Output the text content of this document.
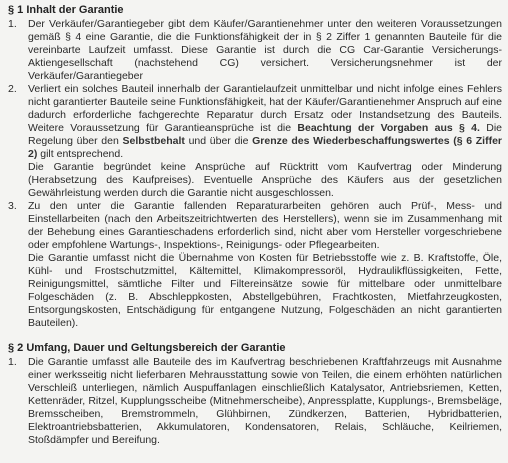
§ 1 Inhalt der Garantie
1.	Der Verkäufer/Garantiegeber gibt dem Käufer/Garantienehmer unter den weiteren Voraussetzungen gemäß § 4 eine Garantie, die die Funktionsfähigkeit der in § 2 Ziffer 1 genannten Bauteile für die vereinbarte Laufzeit umfasst. Diese Garantie ist durch die CG Car-Garantie Versicherungs-Aktiengesellschaft (nachstehend CG) versichert. Versicherungsnehmer ist der Verkäufer/Garantiegeber
2.	Verliert ein solches Bauteil innerhalb der Garantielaufzeit unmittelbar und nicht infolge eines Fehlers nicht garantierter Bauteile seine Funktionsfähigkeit, hat der Käufer/Garantienehmer Anspruch auf eine dadurch erforderliche fachgerechte Reparatur durch Ersatz oder Instandsetzung des Bauteils. Weitere Voraussetzung für Garantieansprüche ist die Beachtung der Vorgaben aus § 4. Die Regelung über den Selbstbehalt und über die Grenze des Wiederbeschaffungswertes (§ 6 Ziffer 2) gilt entsprechend.

Die Garantie begründet keine Ansprüche auf Rücktritt vom Kaufvertrag oder Minderung (Herabsetzung des Kaufpreises). Eventuelle Ansprüche des Käufers aus der gesetzlichen Gewährleistung werden durch die Garantie nicht ausgeschlossen.

3.	Zu den unter die Garantie fallenden Reparaturarbeiten gehören auch Prüf-, Mess- und Einstellarbeiten (nach den Arbeitszeitrichtwerten des Herstellers), wenn sie im Zusammenhang mit der Behebung eines Garantieschadens erforderlich sind, nicht aber vom Hersteller vorgeschriebene oder empfohlene Wartungs-, Inspektions-, Reinigungs- oder Pflegearbeiten.

Die Garantie umfasst nicht die Übernahme von Kosten für Betriebsstoffe wie z. B. Kraftstoffe, Öle, Kühl- und Frostschutzmittel, Kältemittel, Klimakompressoröl, Hydraulikflüssigkeiten, Fette, Reinigungsmittel, sämtliche Filter und Filtereinsätze sowie für mittelbare oder unmittelbare Folgeschäden (z. B. Abschleppkosten, Abstellgebühren, Frachtkosten, Mietfahrzeugkosten, Entsorgungskosten, Entschädigung für entgangene Nutzung, Folgeschäden an nicht garantierten Bauteilen).

§ 2 Umfang, Dauer und Geltungsbereich der Garantie
1.	Die Garantie umfasst alle Bauteile des im Kaufvertrag beschriebenen Kraftfahrzeugs mit Ausnahme einer werksseitig nicht lieferbaren Mehrausstattung sowie von Teilen, die einem erhöhten natürlichen Verschleiß unterliegen, nämlich Auspuffanlagen einschließlich Katalysator, Antriebsriemen, Ketten, Kettenräder, Ritzel, Kupplungsscheibe (Mitnehmerscheibe), Anpressplatte, Kupplungs-, Bremsbeläge, Bremsscheiben, Bremstrommeln, Glühbirnen, Zündkerzen, Batterien, Hybridbatterien, Elektroantriebsbatterien, Akkumulatoren, Kondensatoren, Relais, Schläuche, Keilriemen, Stoßdämpfer und Bereifung.
